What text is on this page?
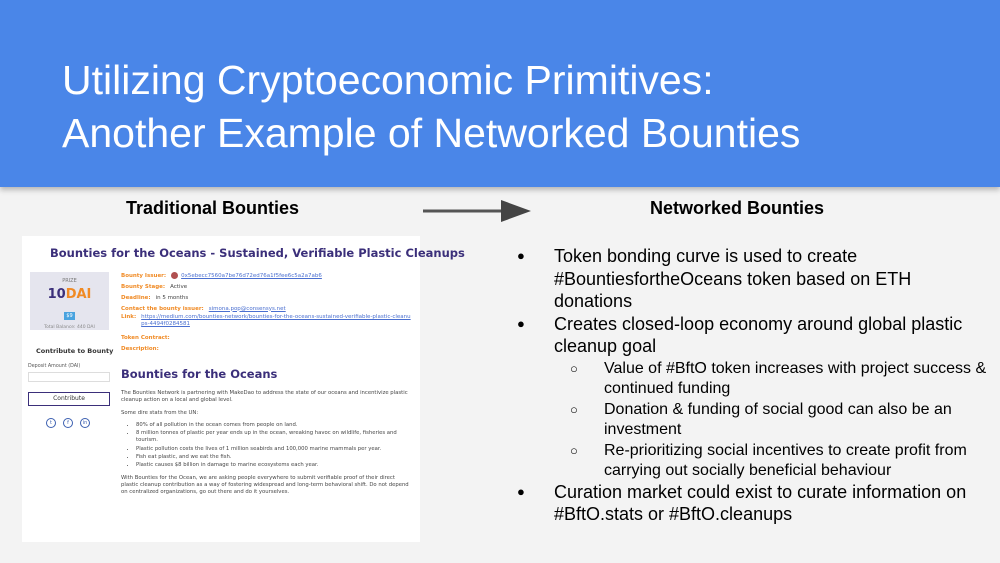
Utilizing Cryptoeconomic Primitives:
Another Example of Networked Bounties
Traditional Bounties	Networked Bounties
Bounties for the Oceans - Sustained, Verifiable Plastic Cleanups
PRIZE
10DAI
$9
Total Balance: 440 DAI
Bounty Issuer:	0x5ebecc7560a7be76d72ed76a1f5fee6c5a2a7ab6
Bounty Stage: Active
Deadline: in 5 months
Contact the bounty issuer: simona.pop@consensys.net
Link: https://medium.com/bounties-network/bounties-for-the-oceans-sustained-verifiable-plastic-cleanups-4494f0284581
Token Contract:
Description:
Contribute to Bounty
Deposit Amount (DAI)
Contribute
t	f	in
Bounties for the Oceans

The Bounties Network is partnering with MakeDao to address the state of our oceans and incentivize plastic cleanup action on a local and global level.

Some dire stats from the UN:

• 80% of all pollution in the ocean comes from people on land.
• 8 million tonnes of plastic per year ends up in the ocean, wreaking havoc on wildlife, fisheries and tourism.
• Plastic pollution costs the lives of 1 million seabirds and 100,000 marine mammals per year.
• Fish eat plastic, and we eat the fish.
• Plastic causes $8 billion in damage to marine ecosystems each year.

With Bounties for the Ocean, we are asking people everywhere to submit verifiable proof of their direct plastic cleanup contribution as a way of fostering widespread and long-term behavioral shift. Do not depend on centralized organizations, go out there and do it yourselves.

● Token bonding curve is used to create #BountiesfortheOceans token based on ETH donations
● Creates closed-loop economy around global plastic cleanup goal
○ Value of #BftO token increases with project success & continued funding
○ Donation & funding of social good can also be an investment
○ Re-prioritizing social incentives to create profit from carrying out socially beneficial behaviour
● Curation market could exist to curate information on #BftO.stats or #BftO.cleanups
